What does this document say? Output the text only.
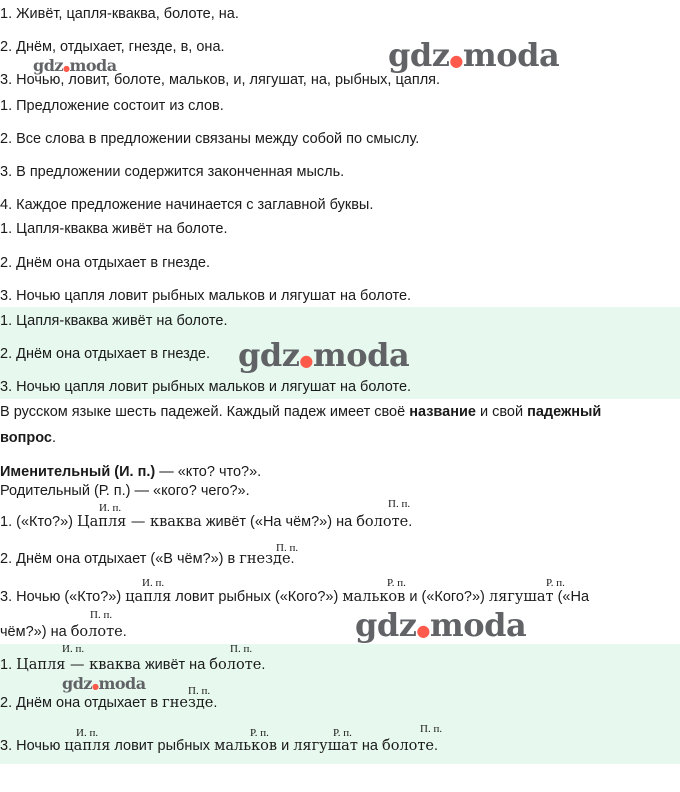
1. Живёт, цапля-кваква, болоте, на.
2. Днём, отдыхает, гнезде, в, она.
3. Ночью, ловит, болоте, мальков, и, лягушат, на, рыбных, цапля.
1. Предложение состоит из слов.
2. Все слова в предложении связаны между собой по смыслу.
3. В предложении содержится законченная мысль.
4. Каждое предложение начинается с заглавной буквы.
1. Цапля-кваква живёт на болоте.
2. Днём она отдыхает в гнезде.
3. Ночью цапля ловит рыбных мальков и лягушат на болоте.
1. Цапля-кваква живёт на болоте.
2. Днём она отдыхает в гнезде.
3. Ночью цапля ловит рыбных мальков и лягушат на болоте.
В русском языке шесть падежей. Каждый падеж имеет своё название и свой падежный
вопрос.
Именительный (И. п.) — «кто? что?».
Родительный (Р. п.) — «кого? чего?».
И. п.	П. п.
1. («Кто?») Цапля — кваква живёт («На чём?») на болоте.
П. п.
2. Днём она отдыхает («В чём?») в гнезде.
И. п.	Р. п.	Р. п.
3. Ночью («Кто?») цапля ловит рыбных («Кого?») мальков и («Кого?») лягушат («На
П. п.
чём?») на болоте.
И. п.	П. п.
1. Цапля — кваква живёт на болоте.
П. п.
2. Днём она отдыхает в гнезде.
И. п.	Р. п.	Р. п.	П. п.
3. Ночью цапля ловит рыбных мальков и лягушат на болоте.
gdz●moda
gdz●moda
gdz●moda
gdz●moda
gdz●moda
